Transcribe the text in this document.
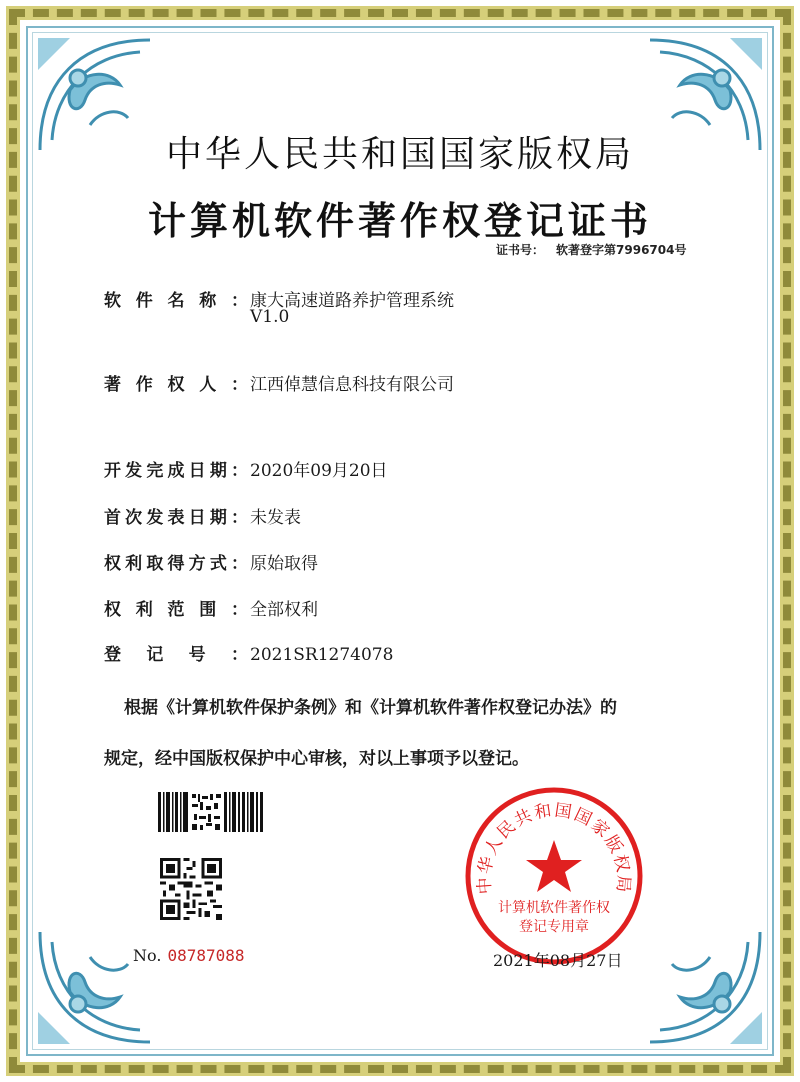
中华人民共和国国家版权局
计算机软件著作权登记证书
证书号： 软著登字第7996704号
软件名称： 康大高速道路养护管理系统
V1.0
著作权人： 江西倬慧信息科技有限公司
开发完成日期： 2020年09月20日
首次发表日期： 未发表
权利取得方式： 原始取得
权利范围： 全部权利
登记号： 2021SR1274078

根据《计算机软件保护条例》和《计算机软件著作权登记办法》的

规定，经中国版权保护中心审核，对以上事项予以登记。

No. 08787088
中华人民共和国国家版权局
计算机软件著作权
登记专用章
2021年08月27日
